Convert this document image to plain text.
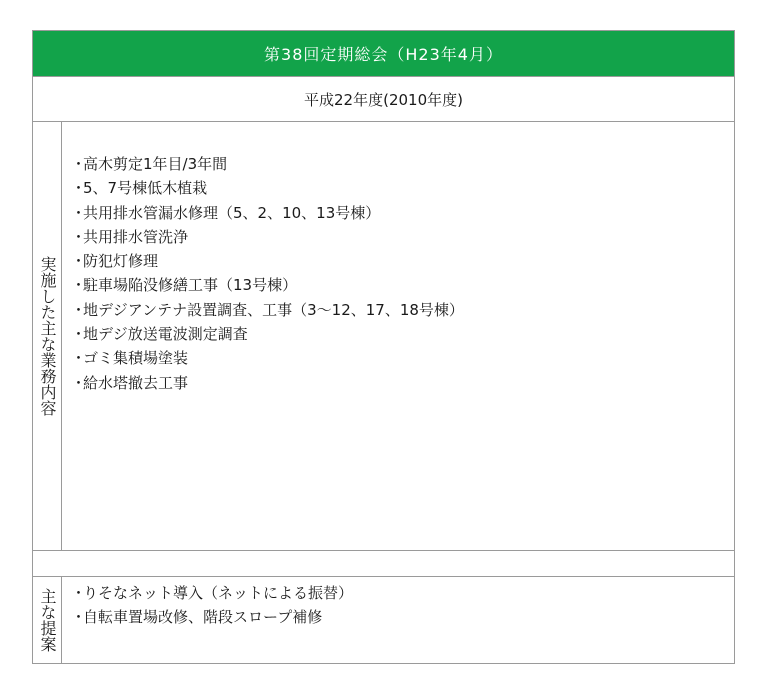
第38回定期総会（H23年4月）
平成22年度(2010年度)
実施した主な業務内容
・高木剪定1年目/3年間
・5、7号棟低木植栽
・共用排水管漏水修理（5、2、10、13号棟）
・共用排水管洗浄
・防犯灯修理
・駐車場陥没修繕工事（13号棟）
・地デジアンテナ設置調査、工事（3～12、17、18号棟）
・地デジ放送電波測定調査
・ゴミ集積場塗装
・給水塔撤去工事
主な提案 ・りそなネット導入（ネットによる振替）
・自転車置場改修、階段スロープ補修
